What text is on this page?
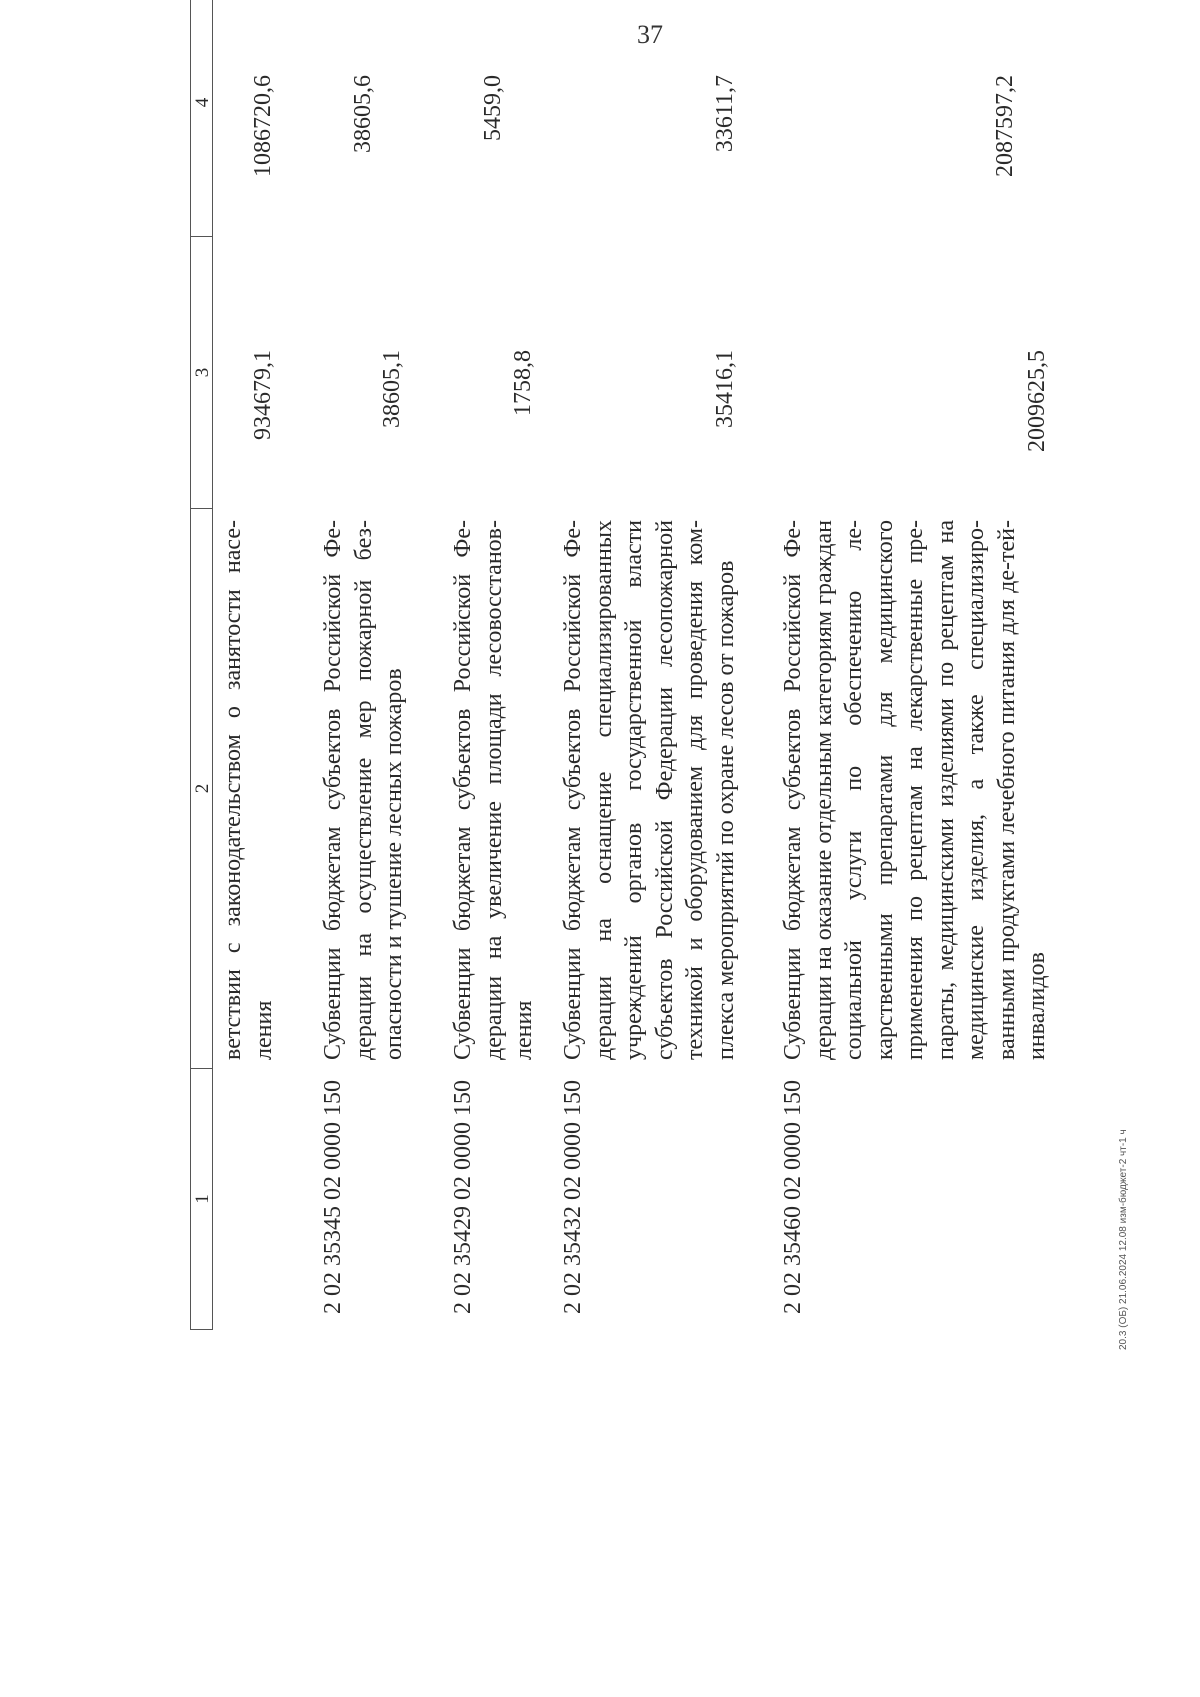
37
1
2
3
4
ветствии с законодательством о занятости насе-ления
934679,1
1086720,6
2 02 35345 02 0000 150
Субвенции бюджетам субъектов Российской Фе-дерации на осуществление мер пожарной без-опасности и тушение лесных пожаров
38605,1
38605,6
2 02 35429 02 0000 150
Субвенции бюджетам субъектов Российской Фе-дерации на увеличение площади лесовосстанов-ления
1758,8
5459,0
2 02 35432 02 0000 150
Субвенции бюджетам субъектов Российской Фе-дерации на оснащение специализированных учреждений органов государственной власти субъектов Российской Федерации лесопожарной техникой и оборудованием для проведения ком-плекса мероприятий по охране лесов от пожаров
35416,1
33611,7
2 02 35460 02 0000 150
Субвенции бюджетам субъектов Российской Фе-дерации на оказание отдельным категориям граждан социальной услуги по обеспечению ле-карственными препаратами для медицинского применения по рецептам на лекарственные пре-параты, медицинскими изделиями по рецептам на медицинские изделия, а также специализиро-ванными продуктами лечебного питания для де-тей-инвалидов
2009625,5
2087597,2
20.3 (ОБ) 21.06.2024 12.08 изм-бюджет-2 чт-1 ч
